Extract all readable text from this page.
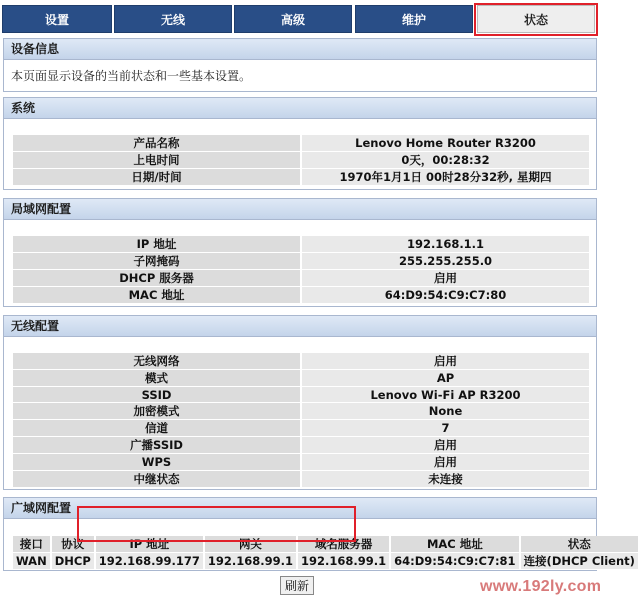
设置	无线	高级	维护	状态
设备信息
本页面显示设备的当前状态和一些基本设置。
系统
产品名称	Lenovo Home Router R3200
上电时间	0天，00:28:32
日期/时间	1970年1月1日 00时28分32秒, 星期四
局域网配置
IP 地址	192.168.1.1
子网掩码	255.255.255.0
DHCP 服务器	启用
MAC 地址	64:D9:54:C9:C7:80
无线配置
无线网络	启用
模式	AP
SSID	Lenovo Wi-Fi AP R3200
加密模式	None
信道	7
广播SSID	启用
WPS	启用
中继状态	未连接
广域网配置
接口	协议	IP 地址	网关	域名服务器	MAC 地址	状态
WAN	DHCP	192.168.99.177	192.168.99.1	192.168.99.1	64:D9:54:C9:C7:81	连接(DHCP Client)
刷新	www.192ly.com
